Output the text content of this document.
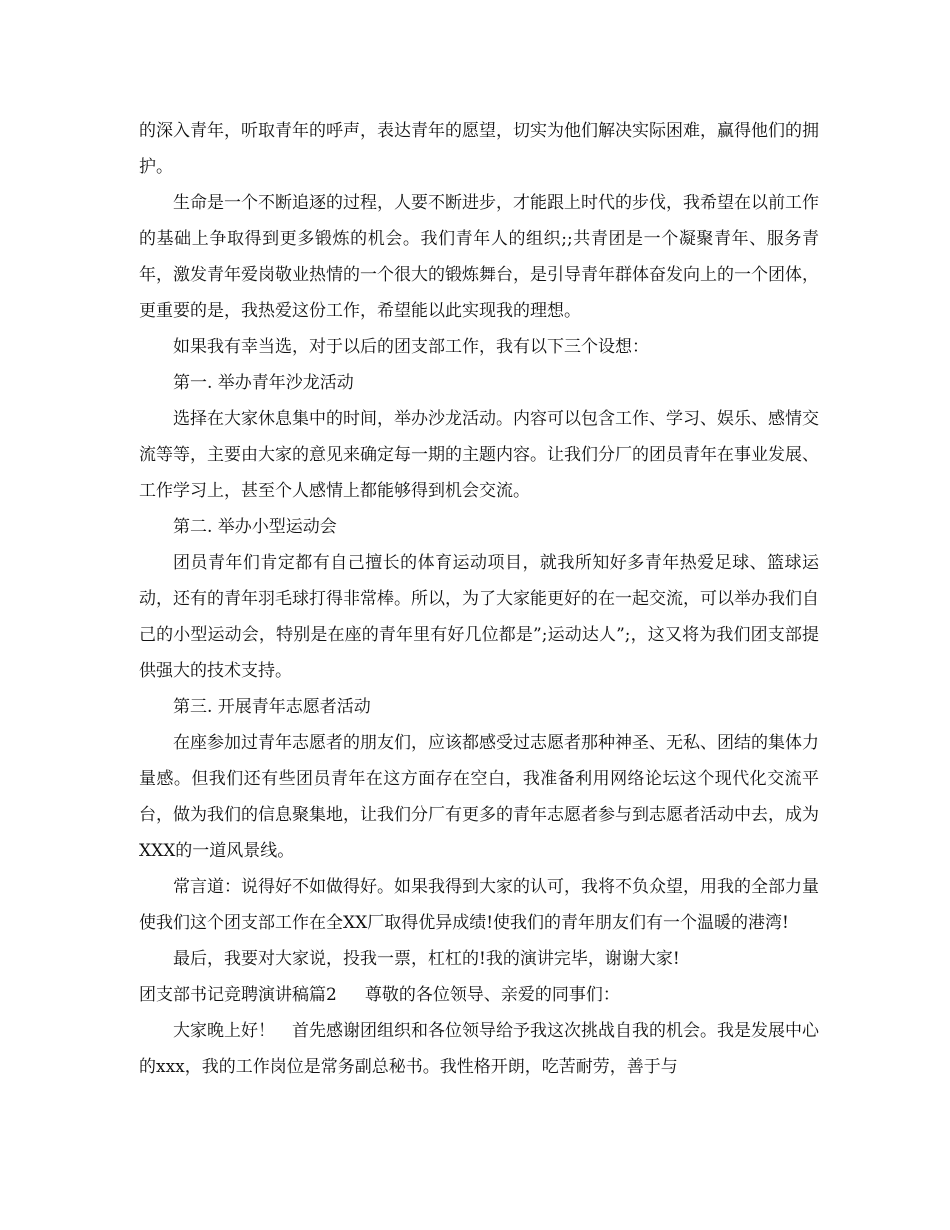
的深入青年，听取青年的呼声，表达青年的愿望，切实为他们解决实际困难，赢得他们的拥护。

生命是一个不断追逐的过程，人要不断进步，才能跟上时代的步伐，我希望在以前工作的基础上争取得到更多锻炼的机会。我们青年人的组织;;共青团是一个凝聚青年、服务青年，激发青年爱岗敬业热情的一个很大的锻炼舞台，是引导青年群体奋发向上的一个团体，更重要的是，我热爱这份工作，希望能以此实现我的理想。

如果我有幸当选，对于以后的团支部工作，我有以下三个设想：

第一. 举办青年沙龙活动

选择在大家休息集中的时间，举办沙龙活动。内容可以包含工作、学习、娱乐、感情交流等等，主要由大家的意见来确定每一期的主题内容。让我们分厂的团员青年在事业发展、工作学习上，甚至个人感情上都能够得到机会交流。

第二. 举办小型运动会

团员青年们肯定都有自己擅长的体育运动项目，就我所知好多青年热爱足球、篮球运动，还有的青年羽毛球打得非常棒。所以，为了大家能更好的在一起交流，可以举办我们自己的小型运动会，特别是在座的青年里有好几位都是”;运动达人”;，这又将为我们团支部提供强大的技术支持。

第三. 开展青年志愿者活动

在座参加过青年志愿者的朋友们，应该都感受过志愿者那种神圣、无私、团结的集体力量感。但我们还有些团员青年在这方面存在空白，我准备利用网络论坛这个现代化交流平台，做为我们的信息聚集地，让我们分厂有更多的青年志愿者参与到志愿者活动中去，成为XXX的一道风景线。

常言道：说得好不如做得好。如果我得到大家的认可，我将不负众望，用我的全部力量使我们这个团支部工作在全XX厂取得优异成绩!使我们的青年朋友们有一个温暖的港湾!

最后，我要对大家说，投我一票，杠杠的!我的演讲完毕，谢谢大家!

团支部书记竞聘演讲稿篇2 尊敬的各位领导、亲爱的同事们：

大家晚上好！　首先感谢团组织和各位领导给予我这次挑战自我的机会。我是发展中心的xxx，我的工作岗位是常务副总秘书。我性格开朗，吃苦耐劳，善于与
